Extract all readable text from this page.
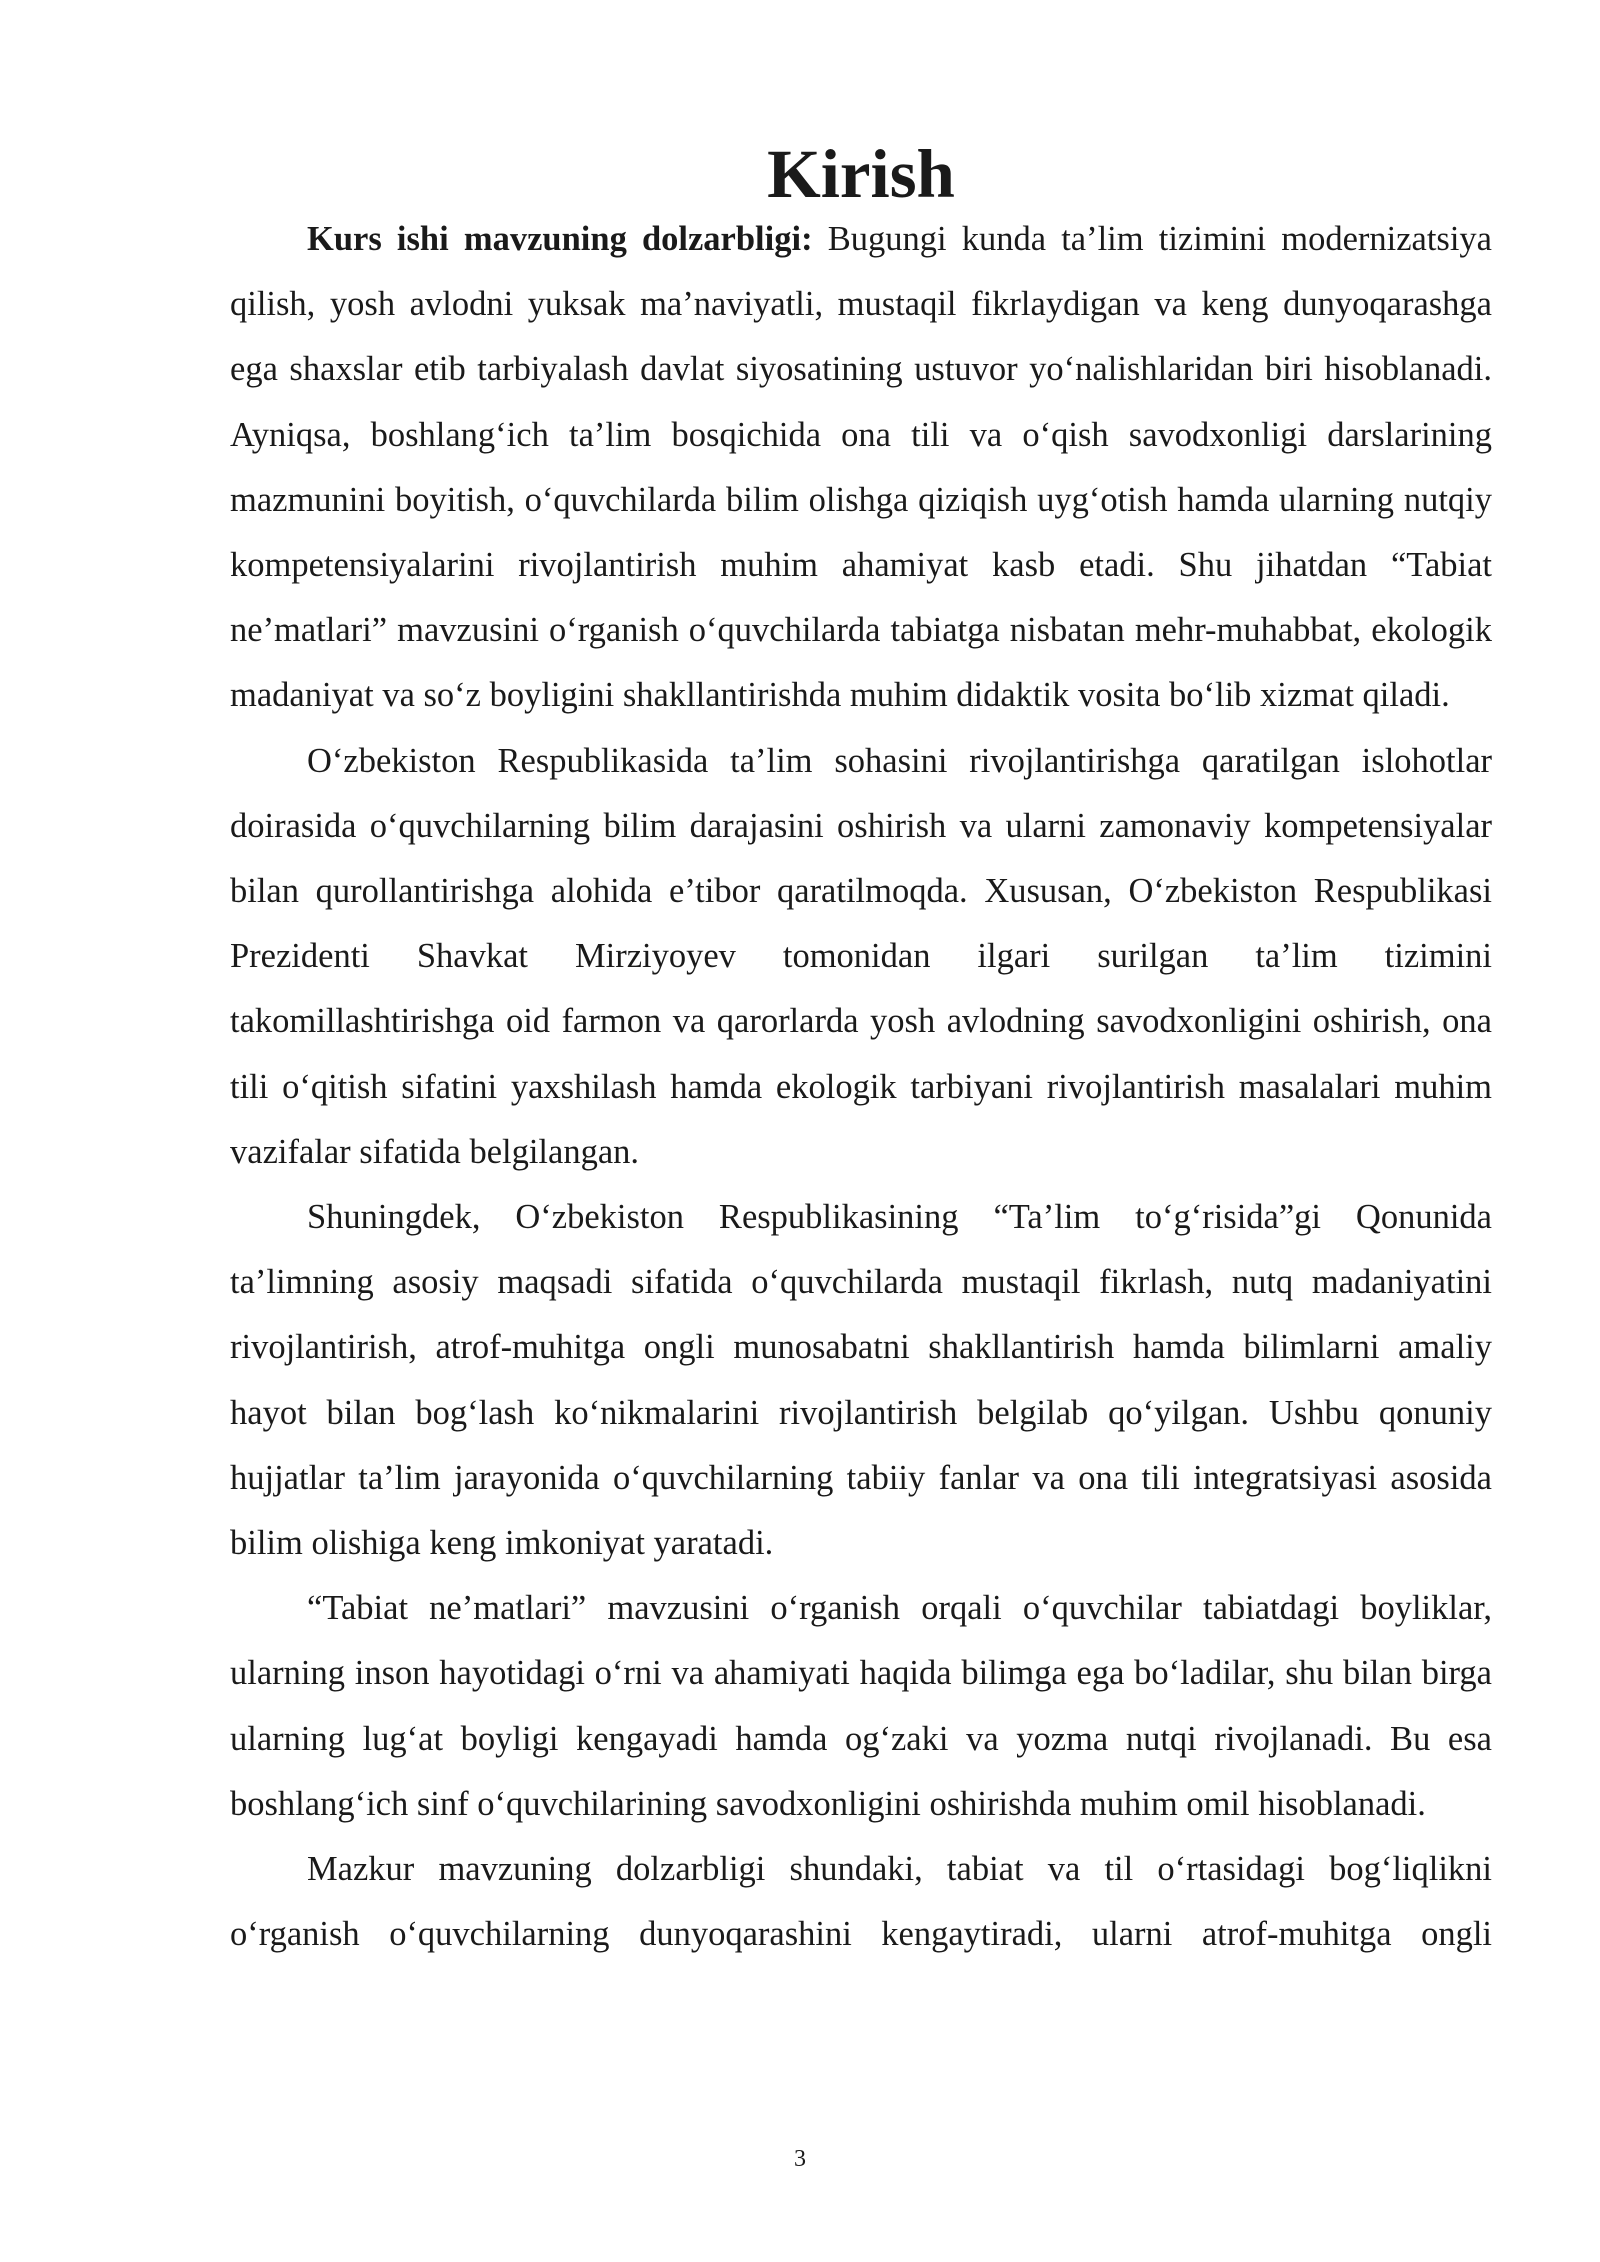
Kirish

Kurs ishi mavzuning dolzarbligi: Bugungi kunda ta’lim tizimini modernizatsiya qilish, yosh avlodni yuksak ma’naviyatli, mustaqil fikrlaydigan va keng dunyoqarashga ega shaxslar etib tarbiyalash davlat siyosatining ustuvor yo‘nalishlaridan biri hisoblanadi. Ayniqsa, boshlang‘ich ta’lim bosqichida ona tili va o‘qish savodxonligi darslarining mazmunini boyitish, o‘quvchilarda bilim olishga qiziqish uyg‘otish hamda ularning nutqiy kompetensiyalarini rivojlantirish muhim ahamiyat kasb etadi. Shu jihatdan “Tabiat ne’matlari” mavzusini o‘rganish o‘quvchilarda tabiatga nisbatan mehr-muhabbat, ekologik madaniyat va so‘z boyligini shakllantirishda muhim didaktik vosita bo‘lib xizmat qiladi.

O‘zbekiston Respublikasida ta’lim sohasini rivojlantirishga qaratilgan islohotlar doirasida o‘quvchilarning bilim darajasini oshirish va ularni zamonaviy kompetensiyalar bilan qurollantirishga alohida e’tibor qaratilmoqda. Xususan, O‘zbekiston Respublikasi Prezidenti Shavkat Mirziyoyev tomonidan ilgari surilgan ta’lim tizimini takomillashtirishga oid farmon va qarorlarda yosh avlodning savodxonligini oshirish, ona tili o‘qitish sifatini yaxshilash hamda ekologik tarbiyani rivojlantirish masalalari muhim vazifalar sifatida belgilangan.

Shuningdek, O‘zbekiston Respublikasining “Ta’lim to‘g‘risida”gi Qonunida ta’limning asosiy maqsadi sifatida o‘quvchilarda mustaqil fikrlash, nutq madaniyatini rivojlantirish, atrof-muhitga ongli munosabatni shakllantirish hamda bilimlarni amaliy hayot bilan bog‘lash ko‘nikmalarini rivojlantirish belgilab qo‘yilgan. Ushbu qonuniy hujjatlar ta’lim jarayonida o‘quvchilarning tabiiy fanlar va ona tili integratsiyasi asosida bilim olishiga keng imkoniyat yaratadi.

“Tabiat ne’matlari” mavzusini o‘rganish orqali o‘quvchilar tabiatdagi boyliklar, ularning inson hayotidagi o‘rni va ahamiyati haqida bilimga ega bo‘ladilar, shu bilan birga ularning lug‘at boyligi kengayadi hamda og‘zaki va yozma nutqi rivojlanadi. Bu esa boshlang‘ich sinf o‘quvchilarining savodxonligini oshirishda muhim omil hisoblanadi.

Mazkur mavzuning dolzarbligi shundaki, tabiat va til o‘rtasidagi bog‘liqlikni o‘rganish o‘quvchilarning dunyoqarashini kengaytiradi, ularni atrof-muhitga ongli

3
